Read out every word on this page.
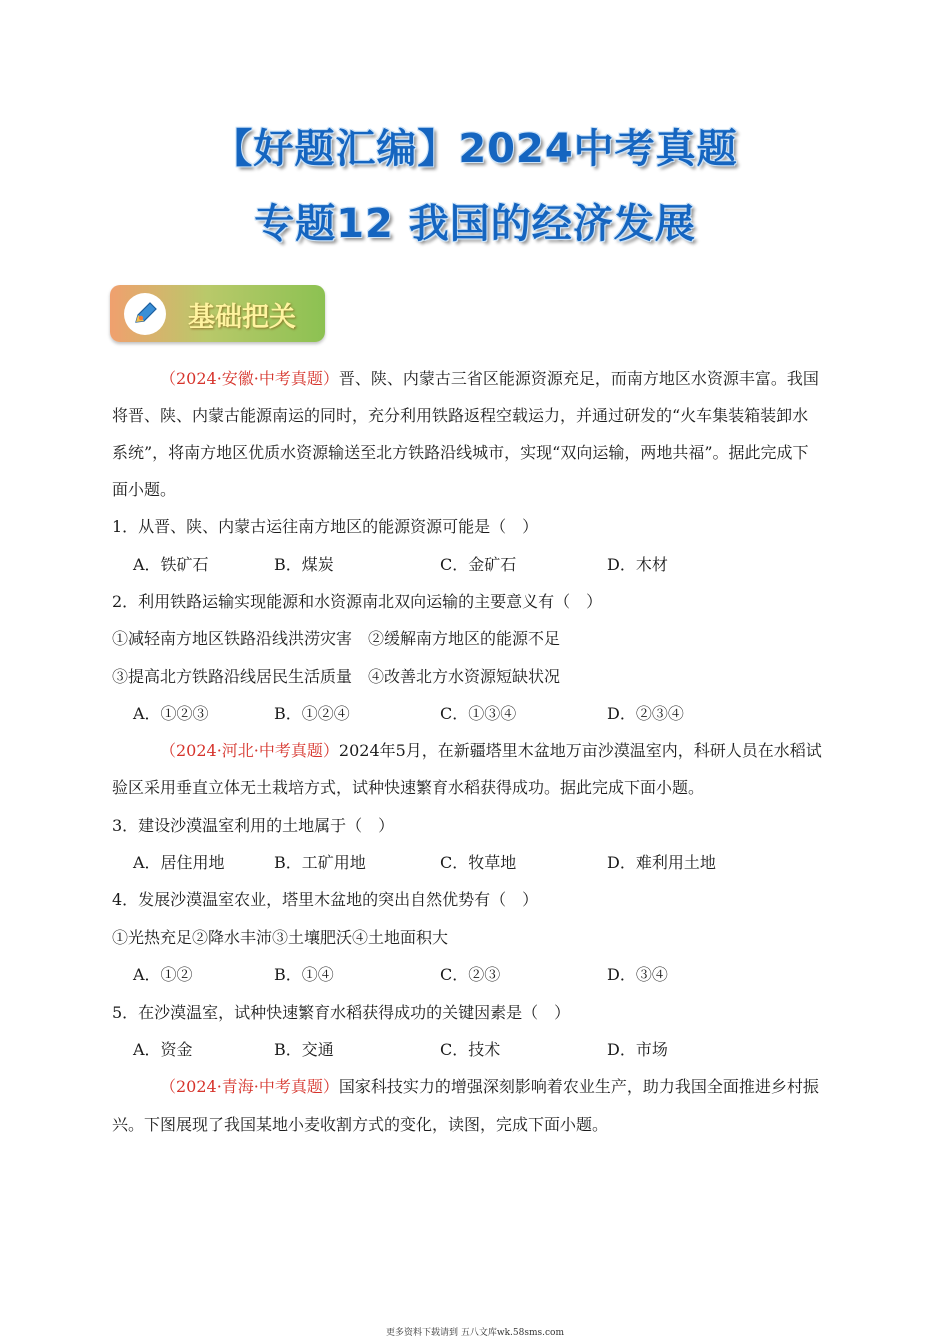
【好题汇编】2024中考真题
专题12 我国的经济发展
基础把关
（2024·安徽·中考真题）晋、陕、内蒙古三省区能源资源充足，而南方地区水资源丰富。我国
将晋、陕、内蒙古能源南运的同时，充分利用铁路返程空载运力，并通过研发的“火车集装箱装卸水
系统”，将南方地区优质水资源输送至北方铁路沿线城市，实现“双向运输，两地共福”。据此完成下
面小题。
1．从晋、陕、内蒙古运往南方地区的能源资源可能是（　）
A．铁矿石	B．煤炭	C．金矿石	D．木材
2．利用铁路运输实现能源和水资源南北双向运输的主要意义有（　）
①减轻南方地区铁路沿线洪涝灾害　②缓解南方地区的能源不足
③提高北方铁路沿线居民生活质量　④改善北方水资源短缺状况
A．①②③	B．①②④	C．①③④	D．②③④
（2024·河北·中考真题）2024年5月，在新疆塔里木盆地万亩沙漠温室内，科研人员在水稻试
验区采用垂直立体无土栽培方式，试种快速繁育水稻获得成功。据此完成下面小题。
3．建设沙漠温室利用的土地属于（　）
A．居住用地	B．工矿用地	C．牧草地	D．难利用土地
4．发展沙漠温室农业，塔里木盆地的突出自然优势有（　）
①光热充足②降水丰沛③土壤肥沃④土地面积大
A．①②	B．①④	C．②③	D．③④
5．在沙漠温室，试种快速繁育水稻获得成功的关键因素是（　）
A．资金	B．交通	C．技术	D．市场
（2024·青海·中考真题）国家科技实力的增强深刻影响着农业生产，助力我国全面推进乡村振
兴。下图展现了我国某地小麦收割方式的变化，读图，完成下面小题。
更多资料下载请到 五八文库wk.58sms.com
